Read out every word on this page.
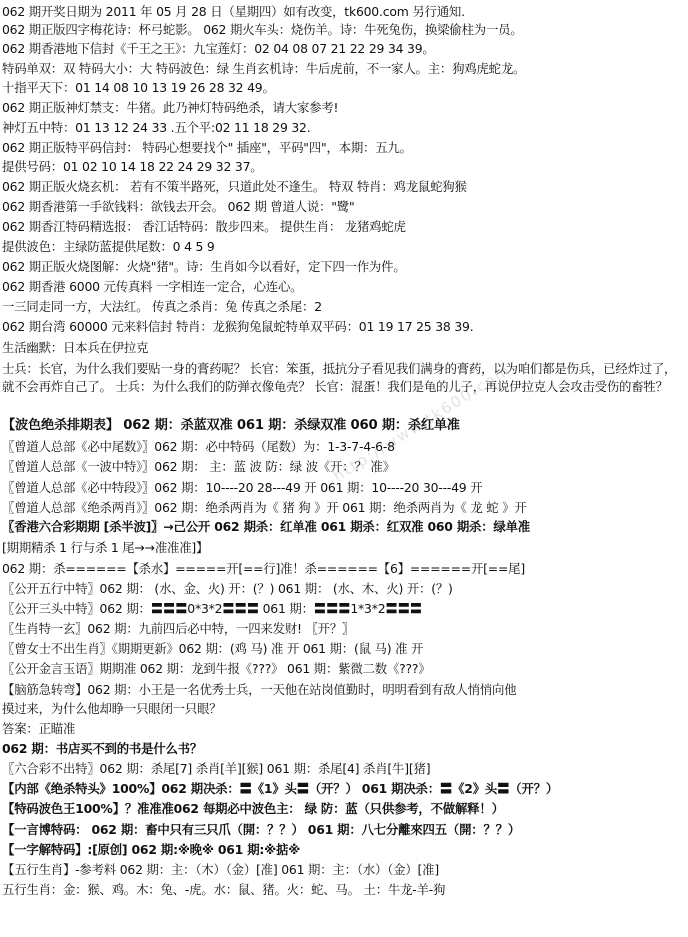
http://www.tk600.com
062 期开奖日期为 2011 年 05 月 28 日（星期四）如有改变，tk600.com 另行通知.
062 期正版四字梅花诗：杯弓蛇影。 062 期火车头：烧伤羊。诗：牛死兔伤，换梁偷柱为一员。
062 期香港地下信封《千王之王》：九宝莲灯：02 04 08 07 21 22 29 34 39。
特码单双：双 特码大小：大 特码波色：绿 生肖玄机诗：牛后虎前，不一家人。主：狗鸡虎蛇龙。
十指平天下：01 14 08 10 13 19 26 28 32 49。
062 期正版神灯禁支：牛猪。此乃神灯特码绝杀，请大家参考!
神灯五中特：01 13 12 24 33 .五个平:02 11 18 29 32.
062 期正版特平码信封： 特码心想要找个" 插座"，平码"四"，本期：五九。
提供号码：01 02 10 14 18 22 24 29 32 37。
062 期正版火烧玄机： 若有不策半路死，只道此处不逢生。 特双 特肖：鸡龙鼠蛇狗猴
062 期香港第一手欲钱料：欲钱去开会。 062 期 曾道人说："鹭"
062 期香江特码精选报： 香江话特码：散步四来。 提供生肖： 龙猪鸡蛇虎
提供波色：主绿防蓝提供尾数：0 4 5 9
062 期正版火烧图解：火烧"猪"。诗：生肖如今以看好，定下四一作为件。
062 期香港 6000 元传真料 一字相连一定合，心连心。
一三同走同一方，大法红。 传真之杀肖：兔 传真之杀尾：2
062 期台湾 60000 元来料信封 特肖：龙猴狗兔鼠蛇特单双平码：01 19 17 25 38 39.
生活幽默：日本兵在伊拉克
士兵：长官，为什么我们要贴一身的膏药呢？ 长官：笨蛋，抵抗分子看见我们满身的膏药，以为咱们都是伤兵，已经炸过了，就不会再炸自己了。 士兵：为什么我们的防弹衣像龟壳？ 长官：混蛋！我们是龟的儿子，再说伊拉克人会攻击受伤的畜牲？
【波色绝杀排期表】 062 期：杀蓝双准 061 期：杀绿双准 060 期：杀红单准
〖曾道人总部《必中尾数》〗062 期：必中特码（尾数）为：1-3-7-4-6-8
〖曾道人总部《一波中特》〗062 期： 主：蓝 波 防：绿 波《开：？ 准》
〖曾道人总部《必中特段》〗062 期：10----20 28---49 开 061 期：10----20 30---49 开
〖曾道人总部《绝杀两肖》〗062 期：绝杀两肖为《 猪 狗 》开 061 期：绝杀两肖为《 龙 蛇 》开
〖香港六合彩期期 [杀半波]〗→己公开 062 期杀：红单准 061 期杀：红双准 060 期杀：绿单准
[期期精杀 1 行与杀 1 尾→→准准准]】
062 期：杀======【杀水】=====开[==行]准！杀======【6】======开[==尾]
〖公开五行中特〗062 期： (水、金、火) 开：(？) 061 期： (水、木、火) 开：(？)
〖公开三头中特〗062 期：〓〓〓0*3*2〓〓〓 061 期：〓〓〓1*3*2〓〓〓
〖生肖特一玄〗062 期：九前四后必中特，一四来发财! 〖开？〗
〖曾女士不出生肖〗《期期更新》062 期：(鸡 马) 准 开 061 期：(鼠 马) 准 开
〖公开金言玉语〗期期准 062 期：龙到牛报《???》 061 期：紫微二数《???》
【脑筋急转弯】062 期：小王是一名优秀士兵，一天他在站岗值勤时，明明看到有敌人悄悄向他
摸过来，为什么他却睁一只眼闭一只眼？
答案：正瞄准
062 期：书店买不到的书是什么书？
〖六合彩不出特〗062 期：杀尾[7] 杀肖[羊][猴] 061 期：杀尾[4] 杀肖[牛][猪]
【内部《绝杀特头》100%】062 期决杀：〓《1》头〓（开？） 061 期决杀：〓《2》头〓（开？）
【特码波色王100%】？准准准062 每期必中波色主： 绿 防：蓝（只供参考，不做解释！）
【一言博特码： 062 期：畜中只有三只爪（開：？？） 061 期：八七分離來四五（開：？？）
【一字解特码】:[原创] 062 期:※晚※ 061 期:※掂※
【五行生肖】-参考料 062 期：主：（木）（金）[准] 061 期：主：（水）（金）[准]
五行生肖：金：猴、鸡。木：兔、-虎。水：鼠、猪。火：蛇、马。 土：牛龙-羊-狗
